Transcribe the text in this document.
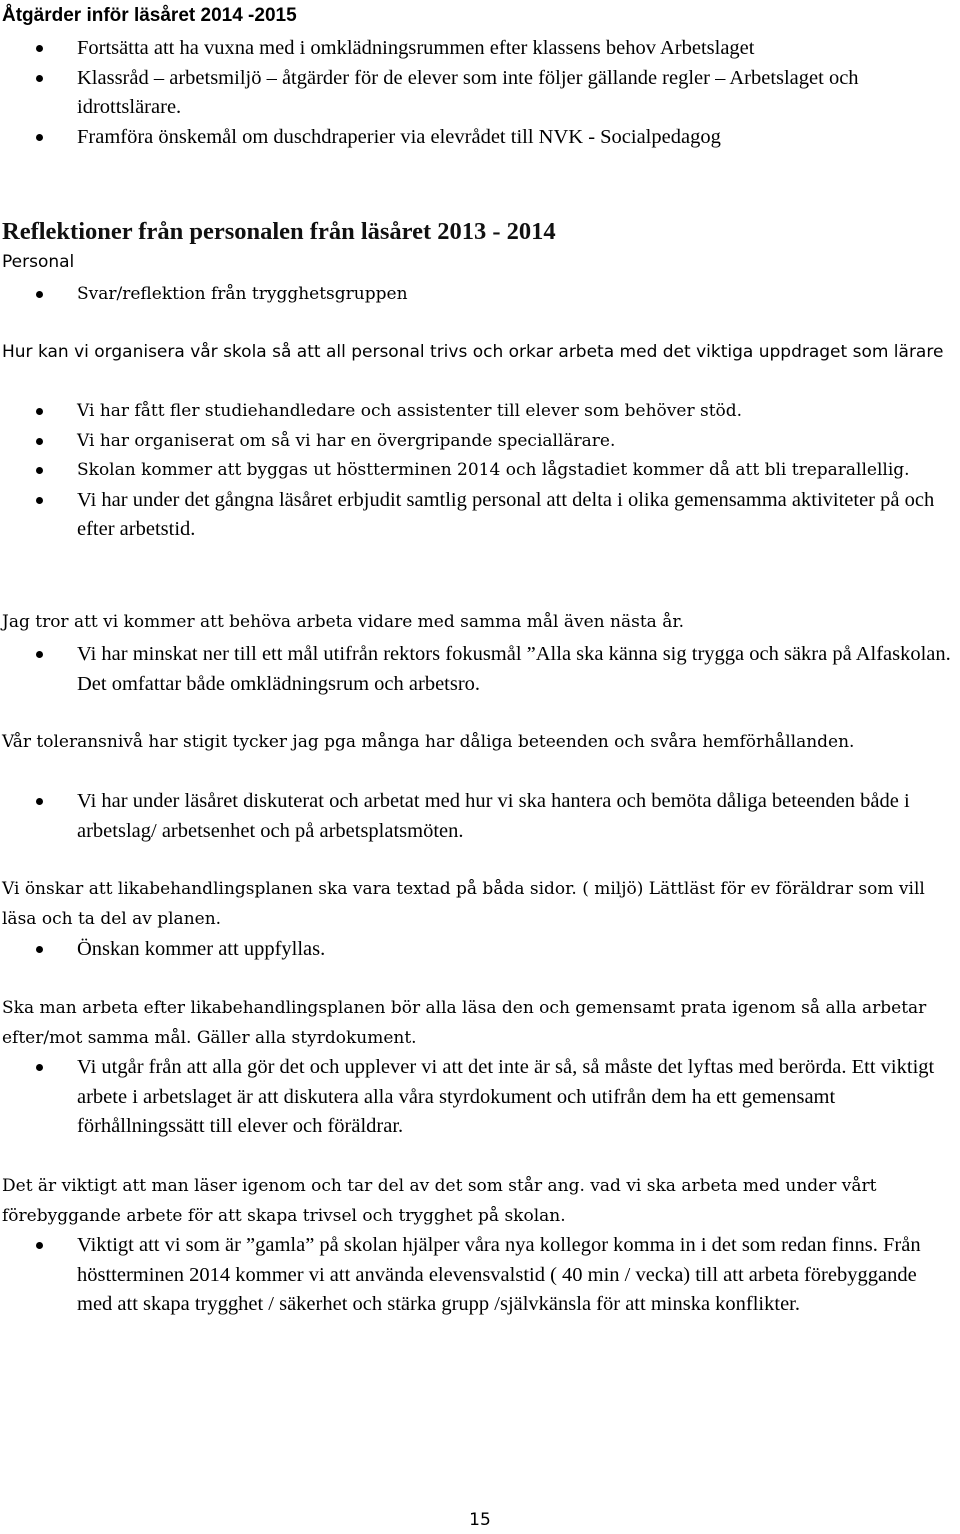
Åtgärder inför läsåret 2014 -2015
Fortsätta att ha vuxna med i omklädningsrummen efter klassens behov Arbetslaget
Klassråd – arbetsmiljö – åtgärder för de elever som inte följer gällande regler – Arbetslaget och idrottslärare.
Framföra önskemål om duschdraperier via elevrådet till NVK - Socialpedagog
Reflektioner från personalen från läsåret 2013 - 2014
Personal
Svar/reflektion från trygghetsgruppen
Hur kan vi organisera vår skola så att all personal trivs och orkar arbeta med det viktiga uppdraget som lärare
Vi har fått fler studiehandledare och assistenter till elever som behöver stöd.
Vi har organiserat om så vi har en övergripande speciallärare.
Skolan kommer att byggas ut höstterminen 2014 och lågstadiet kommer då att bli treparallellig.
Vi har under det gångna läsåret erbjudit samtlig personal att delta i olika gemensamma aktiviteter på och efter arbetstid.
Jag tror att vi kommer att behöva arbeta vidare med samma mål även nästa år.
Vi har minskat ner till ett mål utifrån rektors fokusmål ”Alla ska känna sig trygga och säkra på Alfaskolan. Det omfattar både omklädningsrum och arbetsro.
Vår toleransnivå har stigit tycker jag pga många har dåliga beteenden och svåra hemförhållanden.
Vi har under läsåret diskuterat och arbetat med hur vi ska hantera och bemöta dåliga beteenden både i arbetslag/ arbetsenhet och på arbetsplatsmöten.
Vi önskar att likabehandlingsplanen ska vara textad på båda sidor. ( miljö) Lättläst för ev föräldrar som vill läsa och ta del av planen.
Önskan kommer att uppfyllas.
Ska man arbeta efter likabehandlingsplanen bör alla läsa den och gemensamt prata igenom så alla arbetar efter/mot samma mål. Gäller alla styrdokument.
Vi utgår från att alla gör det och upplever vi att det inte är så, så måste det lyftas med berörda. Ett viktigt arbete i arbetslaget är att diskutera alla våra styrdokument och utifrån dem ha ett gemensamt förhållningssätt till elever och föräldrar.
Det är viktigt att man läser igenom och tar del av det som står ang. vad vi ska arbeta med under vårt förebyggande arbete för att skapa trivsel och trygghet på skolan.
Viktigt att vi som är ”gamla” på skolan hjälper våra nya kollegor komma in i det som redan finns. Från höstterminen 2014 kommer vi att använda elevensvalstid ( 40 min / vecka) till att arbeta förebyggande med att skapa trygghet / säkerhet och stärka grupp /självkänsla för att minska konflikter.
15
